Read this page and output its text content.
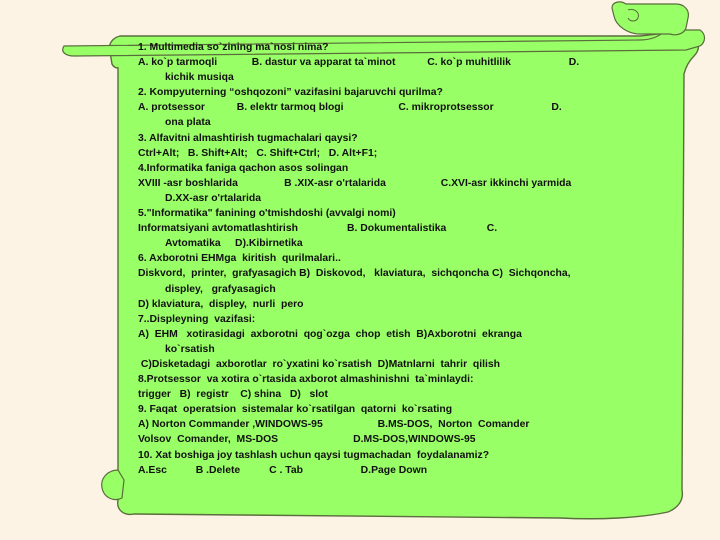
1. Multimedia so`zining ma`nosi nima?
A. ko`p tarmoqli            B. dastur va apparat ta`minot           C. ko`p muhitlilik                    D.
kichik musiqa
2. Kompyuterning “oshqozoni” vazifasini bajaruvchi qurilma?
A. protsessor           B. elektr tarmoq blogi                   C. mikroprotsessor                    D.
ona plata
3. Alfavitni almashtirish tugmachalari qaysi?
Ctrl+Alt;   B. Shift+Alt;   C. Shift+Ctrl;   D. Alt+F1;
4.Informatika faniga qachon asos solingan
XVIII -asr boshlarida                B .XIX-asr o'rtalarida                   C.XVI-asr ikkinchi yarmida
D.XX-asr o'rtalarida
5."Informatika" fanining o'tmishdoshi (avvalgi nomi)
Informatsiyani avtomatlashtirish                 B. Dokumentalistika              C.
Avtomatika     D).Kibirnetika
6. Axborotni EHMga  kiritish  qurilmalari..
Diskvord,  printer,  grafyasagich B)  Diskovod,   klaviatura,  sichqoncha C)  Sichqoncha,
displey,   grafyasagich
D) klaviatura,  displey,  nurli  pero
7..Displeyning  vazifasi:
A)  EHM   xotirasidagi  axborotni  qog`ozga  chop  etish  B)Axborotni  ekranga
ko`rsatish
C)Disketadagi  axborotlar  ro`yxatini ko`rsatish  D)Matnlarni  tahrir  qilish
8.Protsessor  va xotira o`rtasida axborot almashinishni  ta`minlaydi:
trigger   B)  registr    C) shina   D)   slot
9. Faqat  operatsion  sistemalar ko`rsatilgan  qatorni  ko`rsating
A) Norton Commander ,WINDOWS-95                   B.MS-DOS,  Norton  Comander
Volsov  Comander,  MS-DOS                          D.MS-DOS,WINDOWS-95
10. Xat boshiga joy tashlash uchun qaysi tugmachadan  foydalanamiz?
A.Esc          B .Delete          C . Tab                    D.Page Down
